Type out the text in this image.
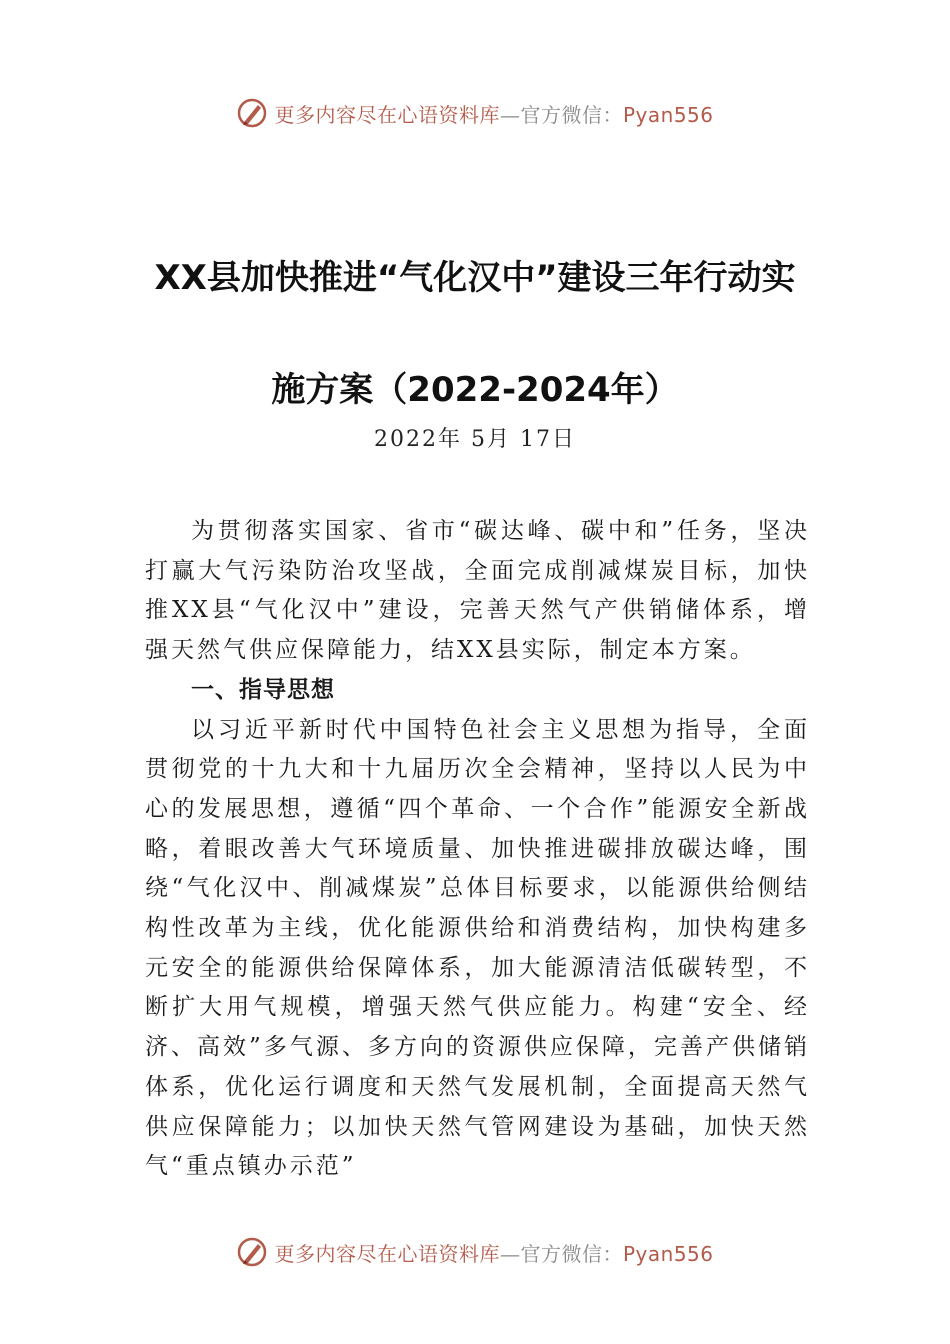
更多内容尽在心语资料库—官方微信：Pyan556
XX县加快推进“气化汉中”建设三年行动实
施方案（2022-2024年）
2022年 5月 17日

为贯彻落实国家、省市“碳达峰、碳中和”任务，坚决打赢大气污染防治攻坚战，全面完成削减煤炭目标，加快推XX县“气化汉中”建设，完善天然气产供销储体系，增强天然气供应保障能力，结XX县实际，制定本方案。

一、指导思想

以习近平新时代中国特色社会主义思想为指导，全面贯彻党的十九大和十九届历次全会精神，坚持以人民为中心的发展思想，遵循“四个革命、一个合作”能源安全新战略，着眼改善大气环境质量、加快推进碳排放碳达峰，围绕“气化汉中、削减煤炭”总体目标要求，以能源供给侧结构性改革为主线，优化能源供给和消费结构，加快构建多元安全的能源供给保障体系，加大能源清洁低碳转型，不断扩大用气规模，增强天然气供应能力。构建“安全、经济、高效”多气源、多方向的资源供应保障，完善产供储销体系，优化运行调度和天然气发展机制，全面提高天然气供应保障能力；以加快天然气管网建设为基础，加快天然气“重点镇办示范”

更多内容尽在心语资料库—官方微信：Pyan556
